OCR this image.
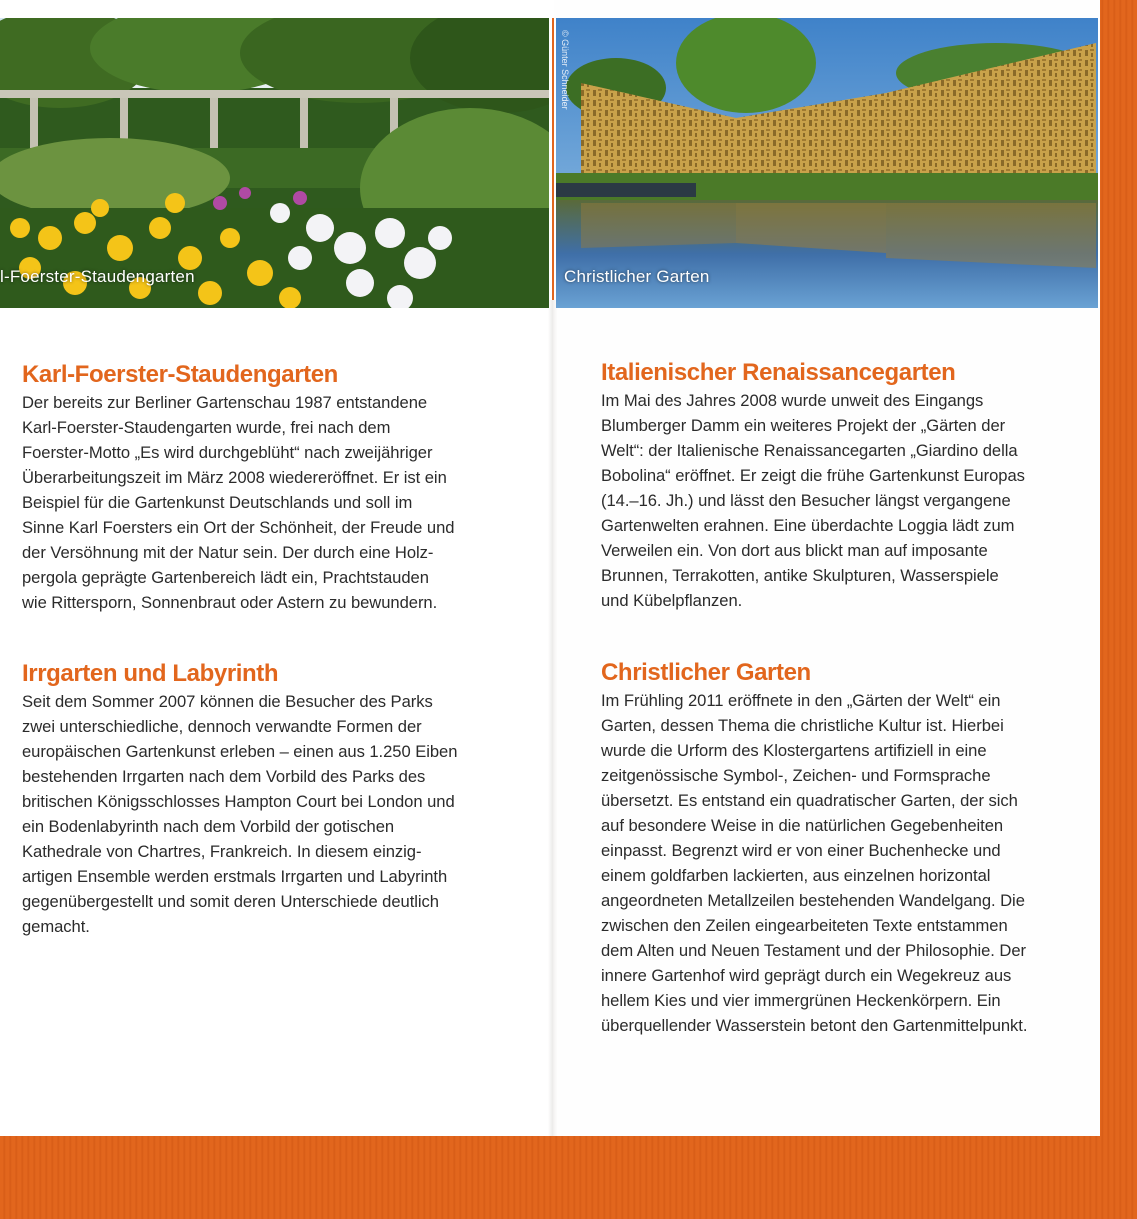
l-Foerster-Staudengarten
© Günter Schneider
Christlicher Garten
Karl-Foerster-Staudengarten

Der bereits zur Berliner Gartenschau 1987 entstandene
Karl-Foerster-Staudengarten wurde, frei nach dem
Foerster-Motto „Es wird durchgeblüht“ nach zweijähriger
Überarbeitungszeit im März 2008 wiedereröffnet. Er ist ein
Beispiel für die Gartenkunst Deutschlands und soll im
Sinne Karl Foersters ein Ort der Schönheit, der Freude und
der Versöhnung mit der Natur sein. Der durch eine Holz-
pergola geprägte Gartenbereich lädt ein, Prachtstauden
wie Rittersporn, Sonnenbraut oder Astern zu bewundern.

Irrgarten und Labyrinth

Seit dem Sommer 2007 können die Besucher des Parks
zwei unterschiedliche, dennoch verwandte Formen der
europäischen Gartenkunst erleben – einen aus 1.250 Eiben
bestehenden Irrgarten nach dem Vorbild des Parks des
britischen Königsschlosses Hampton Court bei London und
ein Bodenlabyrinth nach dem Vorbild der gotischen
Kathedrale von Chartres, Frankreich. In diesem einzig-
artigen Ensemble werden erstmals Irrgarten und Labyrinth
gegenübergestellt und somit deren Unterschiede deutlich
gemacht.

Italienischer Renaissancegarten

Im Mai des Jahres 2008 wurde unweit des Eingangs
Blumberger Damm ein weiteres Projekt der „Gärten der
Welt“: der Italienische Renaissancegarten „Giardino della
Bobolina“ eröffnet. Er zeigt die frühe Gartenkunst Europas
(14.–16. Jh.) und lässt den Besucher längst vergangene
Gartenwelten erahnen. Eine überdachte Loggia lädt zum
Verweilen ein. Von dort aus blickt man auf imposante
Brunnen, Terrakotten, antike Skulpturen, Wasserspiele
und Kübelpflanzen.

Christlicher Garten

Im Frühling 2011 eröffnete in den „Gärten der Welt“ ein
Garten, dessen Thema die christliche Kultur ist. Hierbei
wurde die Urform des Klostergartens artifiziell in eine
zeitgenössische Symbol-, Zeichen- und Formsprache
übersetzt. Es entstand ein quadratischer Garten, der sich
auf besondere Weise in die natürlichen Gegebenheiten
einpasst. Begrenzt wird er von einer Buchenhecke und
einem goldfarben lackierten, aus einzelnen horizontal
angeordneten Metallzeilen bestehenden Wandelgang. Die
zwischen den Zeilen eingearbeiteten Texte entstammen
dem Alten und Neuen Testament und der Philosophie. Der
innere Gartenhof wird geprägt durch ein Wegekreuz aus
hellem Kies und vier immergrünen Heckenkörpern. Ein
überquellender Wasserstein betont den Gartenmittelpunkt.
